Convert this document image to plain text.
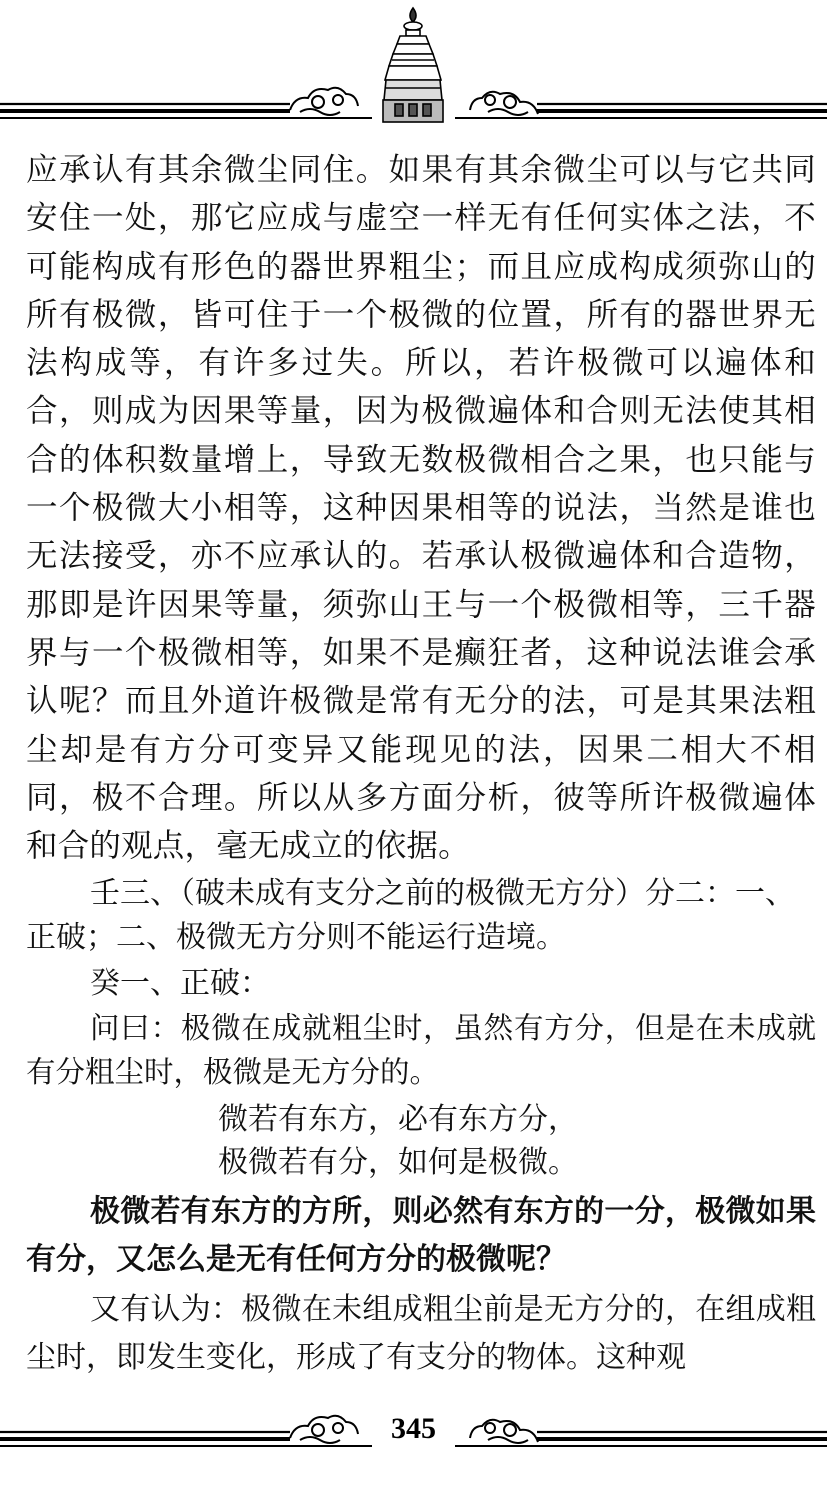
应承认有其余微尘同住。如果有其余微尘可以与它共同安住一处，那它应成与虚空一样无有任何实体之法，不可能构成有形色的器世界粗尘；而且应成构成须弥山的所有极微，皆可住于一个极微的位置，所有的器世界无法构成等，有许多过失。所以，若许极微可以遍体和合，则成为因果等量，因为极微遍体和合则无法使其相合的体积数量增上，导致无数极微相合之果，也只能与一个极微大小相等，这种因果相等的说法，当然是谁也无法接受，亦不应承认的。若承认极微遍体和合造物，那即是许因果等量，须弥山王与一个极微相等，三千器界与一个极微相等，如果不是癫狂者，这种说法谁会承认呢？而且外道许极微是常有无分的法，可是其果法粗尘却是有方分可变异又能现见的法，因果二相大不相同，极不合理。所以从多方面分析，彼等所许极微遍体和合的观点，毫无成立的依据。

壬三、（破未成有支分之前的极微无方分）分二：一、正破；二、极微无方分则不能运行造境。

癸一、正破：

问曰：极微在成就粗尘时，虽然有方分，但是在未成就有分粗尘时，极微是无方分的。

微若有东方，必有东方分，

极微若有分，如何是极微。

极微若有东方的方所，则必然有东方的一分，极微如果有分，又怎么是无有任何方分的极微呢？

又有认为：极微在未组成粗尘前是无方分的，在组成粗尘时，即发生变化，形成了有支分的物体。这种观

345
